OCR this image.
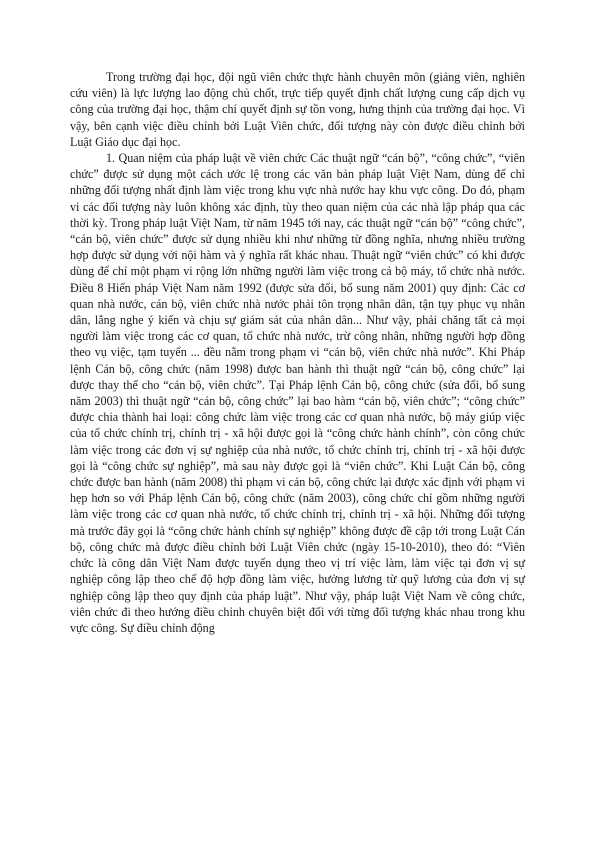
Trong trường đại học, đội ngũ viên chức thực hành chuyên môn (giảng viên, nghiên cứu viên) là lực lượng lao động chủ chốt, trực tiếp quyết định chất lượng cung cấp dịch vụ công của trường đại học, thậm chí quyết định sự tồn vong, hưng thịnh của trường đại học. Vì vậy, bên cạnh việc điều chỉnh bởi Luật Viên chức, đối tượng này còn được điều chỉnh bởi Luật Giáo dục đại học.

1. Quan niệm của pháp luật về viên chức Các thuật ngữ “cán bộ”, “công chức”, “viên chức” được sử dụng một cách ước lệ trong các văn bản pháp luật Việt Nam, dùng để chỉ những đối tượng nhất định làm việc trong khu vực nhà nước hay khu vực công. Do đó, phạm vi các đối tượng này luôn không xác định, tùy theo quan niệm của các nhà lập pháp qua các thời kỳ. Trong pháp luật Việt Nam, từ năm 1945 tới nay, các thuật ngữ “cán bộ” “công chức”, “cán bộ, viên chức” được sử dụng nhiều khi như những từ đồng nghĩa, nhưng nhiều trường hợp được sử dụng với nội hàm và ý nghĩa rất khác nhau. Thuật ngữ “viên chức” có khi được dùng để chỉ một phạm vi rộng lớn những người làm việc trong cả bộ máy, tổ chức nhà nước. Điều 8 Hiến pháp Việt Nam năm 1992 (được sửa đổi, bổ sung năm 2001) quy định: Các cơ quan nhà nước, cán bộ, viên chức nhà nước phải tôn trọng nhân dân, tận tụy phục vụ nhân dân, lắng nghe ý kiến và chịu sự giám sát của nhân dân... Như vậy, phải chăng tất cả mọi người làm việc trong các cơ quan, tổ chức nhà nước, trừ công nhân, những người hợp đồng theo vụ việc, tạm tuyển ... đều nằm trong phạm vi “cán bộ, viên chức nhà nước”. Khi Pháp lệnh Cán bộ, công chức (năm 1998) được ban hành thì thuật ngữ “cán bộ, công chức” lại được thay thế cho “cán bộ, viên chức”. Tại Pháp lệnh Cán bộ, công chức (sửa đổi, bổ sung năm 2003) thì thuật ngữ “cán bộ, công chức” lại bao hàm “cán bộ, viên chức”; “công chức” được chia thành hai loại: công chức làm việc trong các cơ quan nhà nước, bộ máy giúp việc của tổ chức chính trị, chính trị - xã hội được gọi là “công chức hành chính”, còn công chức làm việc trong các đơn vị sự nghiệp của nhà nước, tổ chức chính trị, chính trị - xã hội được gọi là “công chức sự nghiệp”, mà sau này được gọi là “viên chức”. Khi Luật Cán bộ, công chức được ban hành (năm 2008) thì phạm vi cán bộ, công chức lại được xác định với phạm vi hẹp hơn so với Pháp lệnh Cán bộ, công chức (năm 2003), công chức chỉ gồm những người làm việc trong các cơ quan nhà nước, tổ chức chính trị, chính trị - xã hội. Những đối tượng mà trước đây gọi là “công chức hành chính sự nghiệp” không được đề cập tới trong Luật Cán bộ, công chức mà được điều chỉnh bởi Luật Viên chức (ngày 15-10-2010), theo đó: “Viên chức là công dân Việt Nam được tuyển dụng theo vị trí việc làm, làm việc tại đơn vị sự nghiệp công lập theo chế độ hợp đồng làm việc, hưởng lương từ quỹ lương của đơn vị sự nghiệp công lập theo quy định của pháp luật”. Như vậy, pháp luật Việt Nam về công chức, viên chức đi theo hướng điều chỉnh chuyên biệt đối với từng đối tượng khác nhau trong khu vực công. Sự điều chỉnh động
